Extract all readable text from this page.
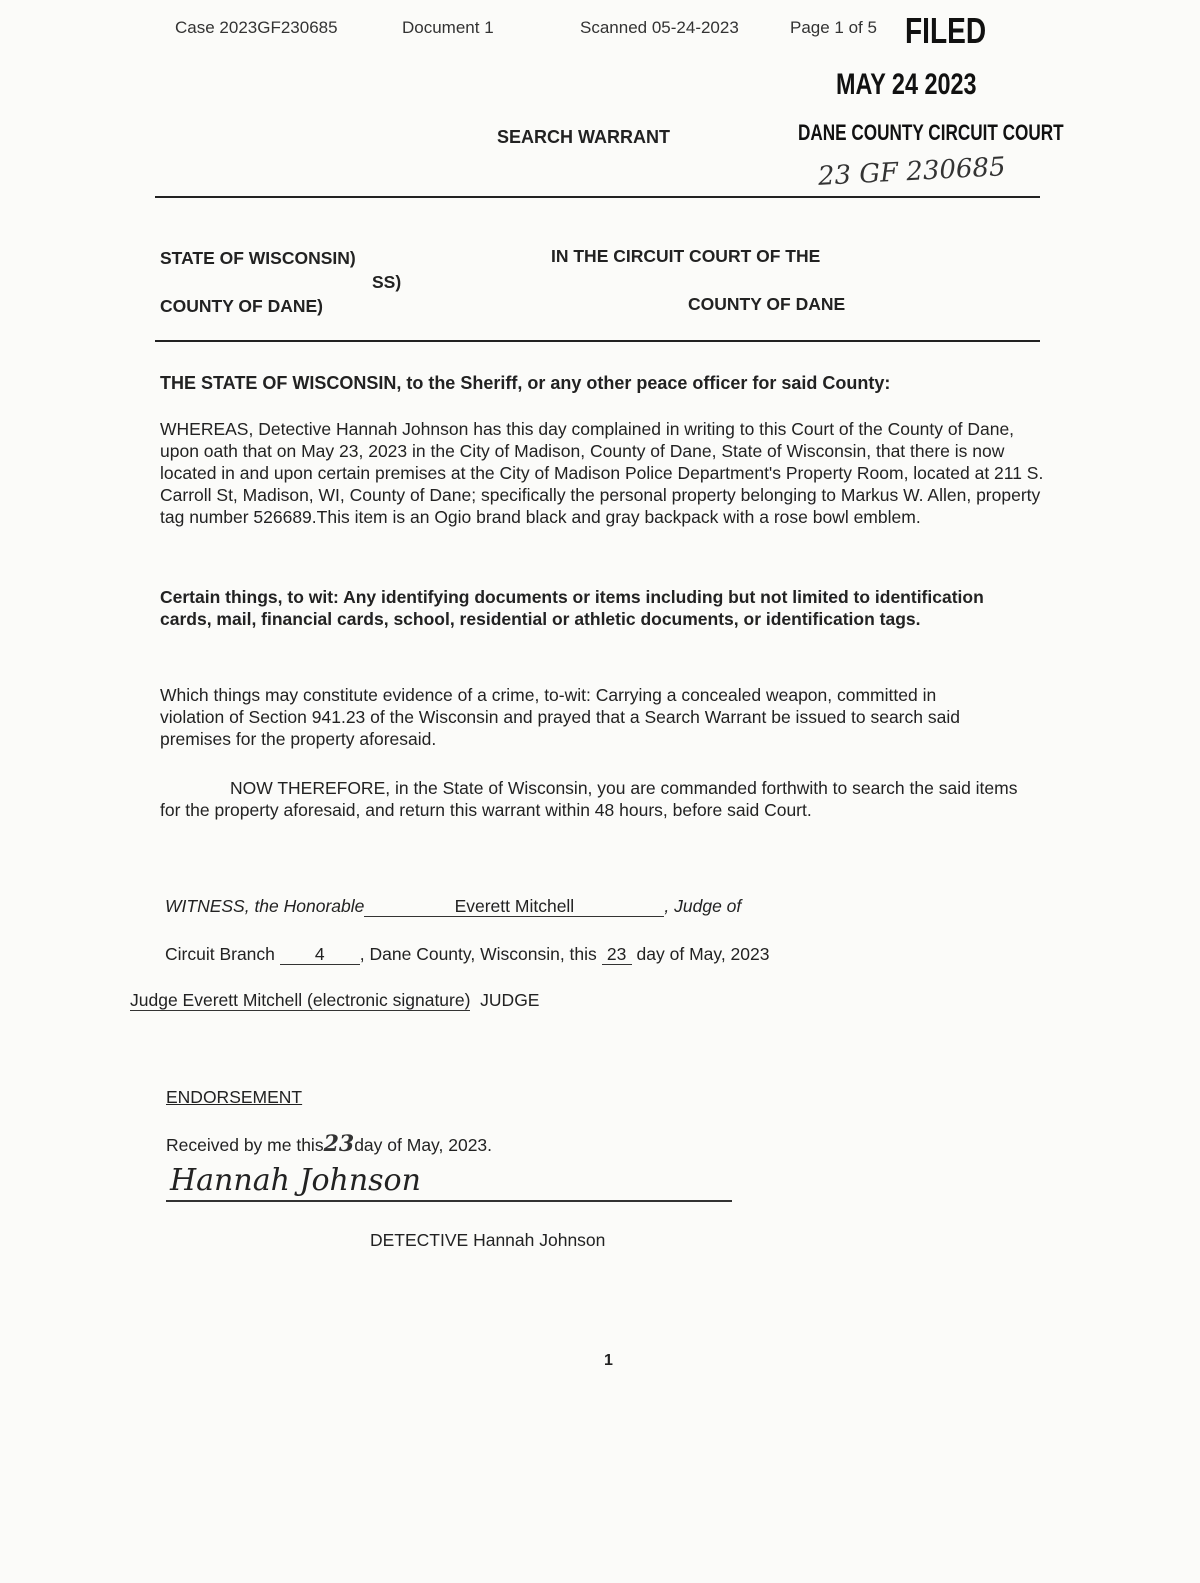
Case 2023GF230685	Document 1	Scanned 05-24-2023	Page 1 of 5 FILED
MAY 24 2023
DANE COUNTY CIRCUIT COURT
23 GF 230685
SEARCH WARRANT
STATE OF WISCONSIN)
SS)
COUNTY OF DANE)
IN THE CIRCUIT COURT OF THE
COUNTY OF DANE

THE STATE OF WISCONSIN, to the Sheriff, or any other peace officer for said County:

WHEREAS, Detective Hannah Johnson has this day complained in writing to this Court of the County of Dane, upon oath that on May 23, 2023 in the City of Madison, County of Dane, State of Wisconsin, that there is now located in and upon certain premises at the City of Madison Police Department's Property Room, located at 211 S. Carroll St, Madison, WI, County of Dane; specifically the personal property belonging to Markus W. Allen, property tag number 526689.This item is an Ogio brand black and gray backpack with a rose bowl emblem.

Certain things, to wit: Any identifying documents or items including but not limited to identification cards, mail, financial cards, school, residential or athletic documents, or identification tags.

Which things may constitute evidence of a crime, to-wit: Carrying a concealed weapon, committed in violation of Section 941.23 of the Wisconsin and prayed that a Search Warrant be issued to search said premises for the property aforesaid.

NOW THEREFORE, in the State of Wisconsin, you are commanded forthwith to search the said items for the property aforesaid, and return this warrant within 48 hours, before said Court.

WITNESS, the Honorable	Everett Mitchell	, Judge of
Circuit Branch 4 , Dane County, Wisconsin, this 23 day of May, 2023
Judge Everett Mitchell (electronic signature) JUDGE
ENDORSEMENT
Received by me this23day of May, 2023.
Hannah Johnson
DETECTIVE Hannah Johnson
1
